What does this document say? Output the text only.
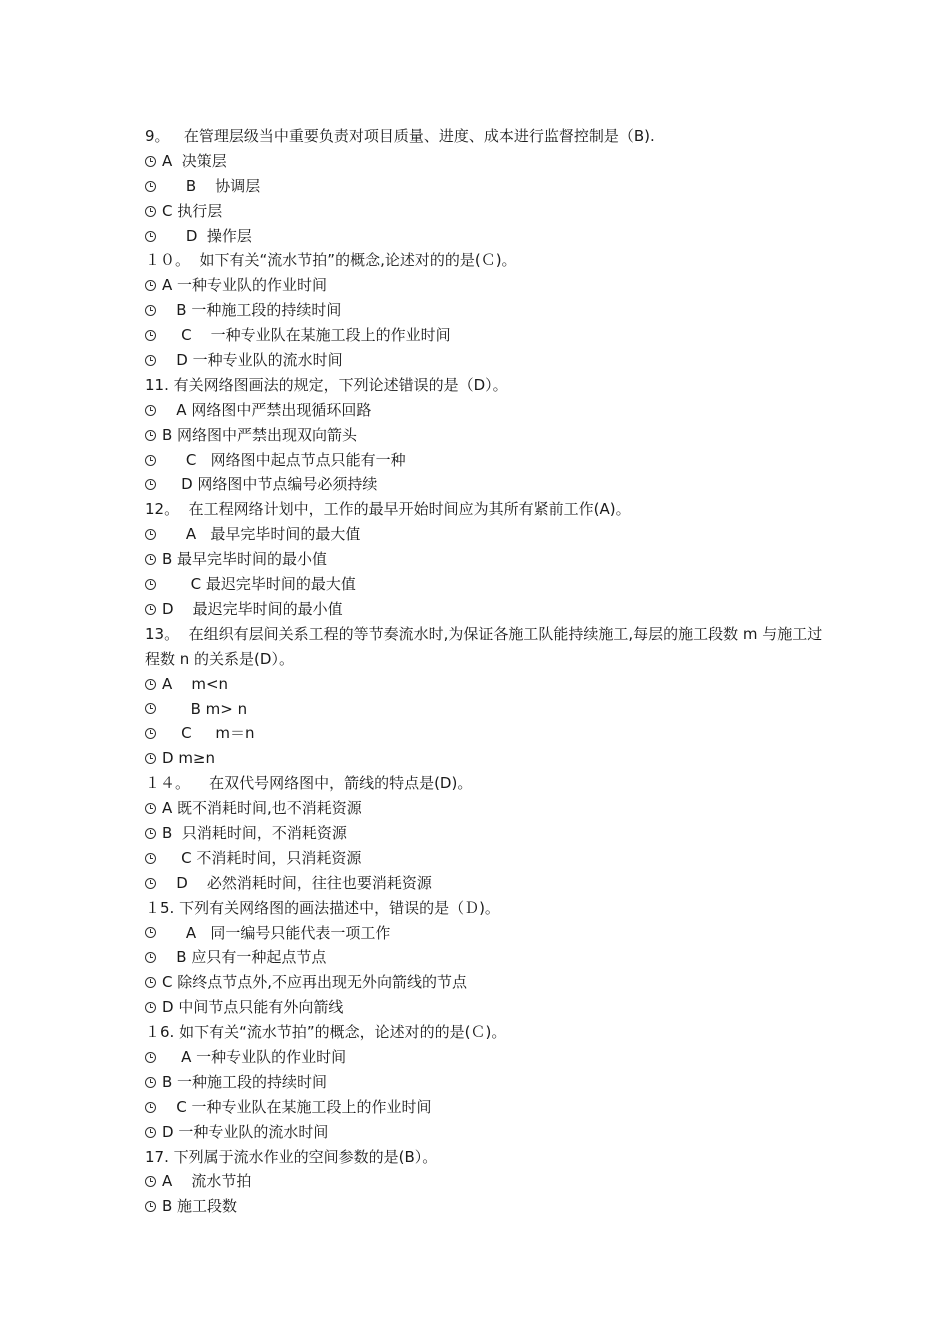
9。   在管理层级当中重要负责对项目质量、进度、成本进行监督控制是（B).
A  决策层
B    协调层
C 执行层
D  操作层
１０。  如下有关“流水节拍”的概念,论述对的的是(Ｃ)。
A 一种专业队的作业时间
B 一种施工段的持续时间
C    一种专业队在某施工段上的作业时间
D 一种专业队的流水时间
11. 有关网络图画法的规定，下列论述错误的是（D）。
A 网络图中严禁出现循环回路
B 网络图中严禁出现双向箭头
C   网络图中起点节点只能有一种
D 网络图中节点编号必须持续
12。  在工程网络计划中，工作的最早开始时间应为其所有紧前工作(A)。
A   最早完毕时间的最大值
B 最早完毕时间的最小值
C 最迟完毕时间的最大值
D    最迟完毕时间的最小值
13。  在组织有层间关系工程的等节奏流水时,为保证各施工队能持续施工,每层的施工段数 m 与施工过程数 n 的关系是(D）。
A    m<n
B m> n
C     m＝n
D m≥n
１４。    在双代号网络图中，箭线的特点是(D)。
A 既不消耗时间,也不消耗资源
B  只消耗时间，不消耗资源
C 不消耗时间，只消耗资源
D    必然消耗时间，往往也要消耗资源
１5. 下列有关网络图的画法描述中，错误的是（Ｄ)。
A   同一编号只能代表一项工作
B 应只有一种起点节点
C 除终点节点外,不应再出现无外向箭线的节点
D 中间节点只能有外向箭线
１6. 如下有关“流水节拍”的概念，论述对的的是(Ｃ)。
A 一种专业队的作业时间
B 一种施工段的持续时间
C 一种专业队在某施工段上的作业时间
D 一种专业队的流水时间
17. 下列属于流水作业的空间参数的是(B）。
A    流水节拍
B 施工段数
